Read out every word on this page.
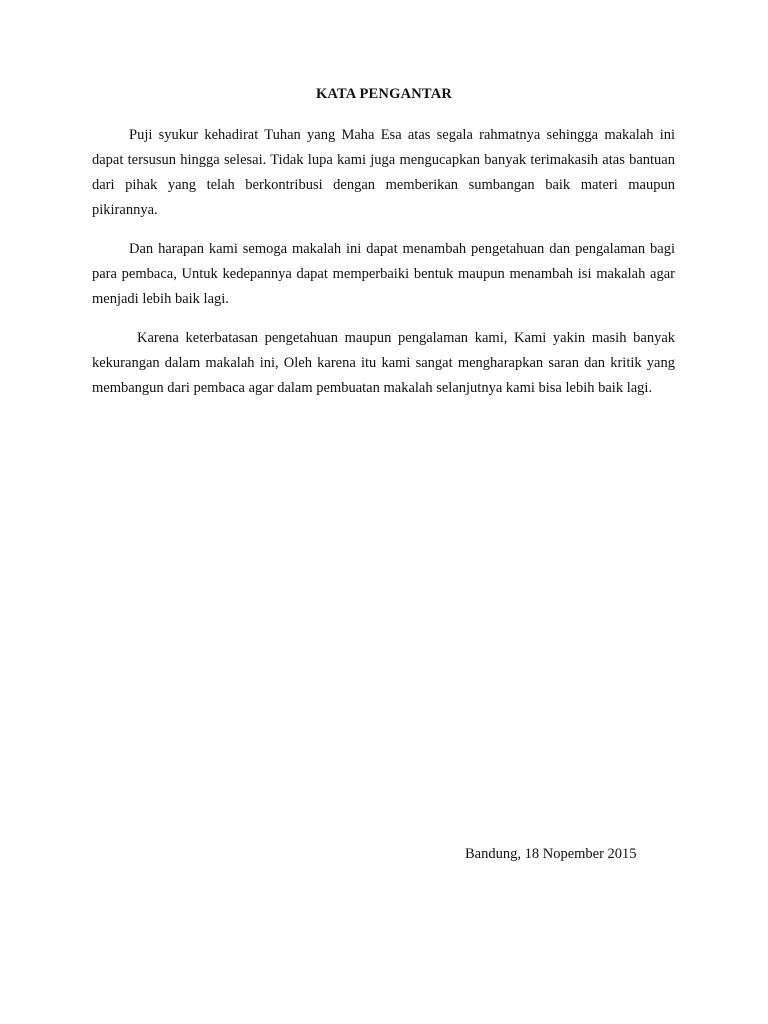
KATA PENGANTAR

Puji syukur kehadirat Tuhan yang Maha Esa atas segala rahmatnya sehingga makalah ini dapat tersusun hingga selesai. Tidak lupa kami juga mengucapkan banyak terimakasih atas bantuan dari pihak yang telah berkontribusi dengan memberikan sumbangan baik materi maupun pikirannya.

Dan harapan kami semoga makalah ini dapat menambah pengetahuan dan pengalaman bagi para pembaca, Untuk kedepannya dapat memperbaiki bentuk maupun menambah isi makalah agar menjadi lebih baik lagi.

Karena keterbatasan pengetahuan maupun pengalaman kami, Kami yakin masih banyak kekurangan dalam makalah ini, Oleh karena itu kami sangat mengharapkan saran dan kritik yang membangun dari pembaca agar dalam pembuatan makalah selanjutnya kami bisa lebih baik lagi.

Bandung, 18 Nopember 2015
